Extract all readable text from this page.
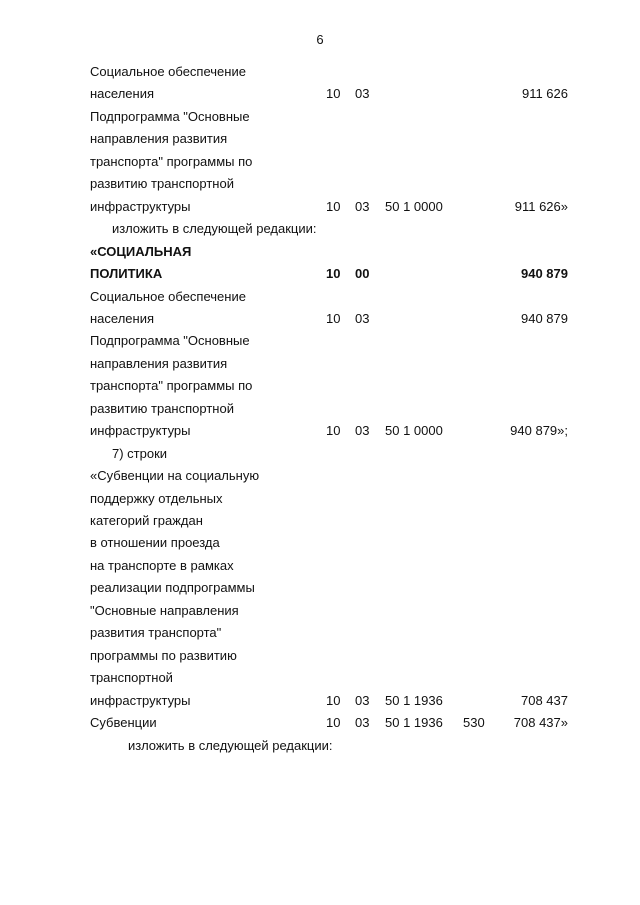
6
Социальное обеспечение
населения	10 03	911 626
Подпрограмма "Основные
направления развития
транспорта" программы по
развитию транспортной
инфраструктуры	10 03 50 1 0000	911 626»
изложить в следующей редакции:
«СОЦИАЛЬНАЯ
ПОЛИТИКА	10 00	940 879
Социальное обеспечение
населения	10 03	940 879
Подпрограмма "Основные
направления развития
транспорта" программы по
развитию транспортной
инфраструктуры	10 03 50 1 0000	940 879»;
7) строки
«Субвенции на социальную
поддержку отдельных
категорий граждан
в отношении проезда
на транспорте в рамках
реализации подпрограммы
"Основные направления
развития транспорта"
программы по развитию
транспортной
инфраструктуры	10 03 50 1 1936	708 437
Субвенции	10 03 50 1 1936 530	708 437»
изложить в следующей редакции:
